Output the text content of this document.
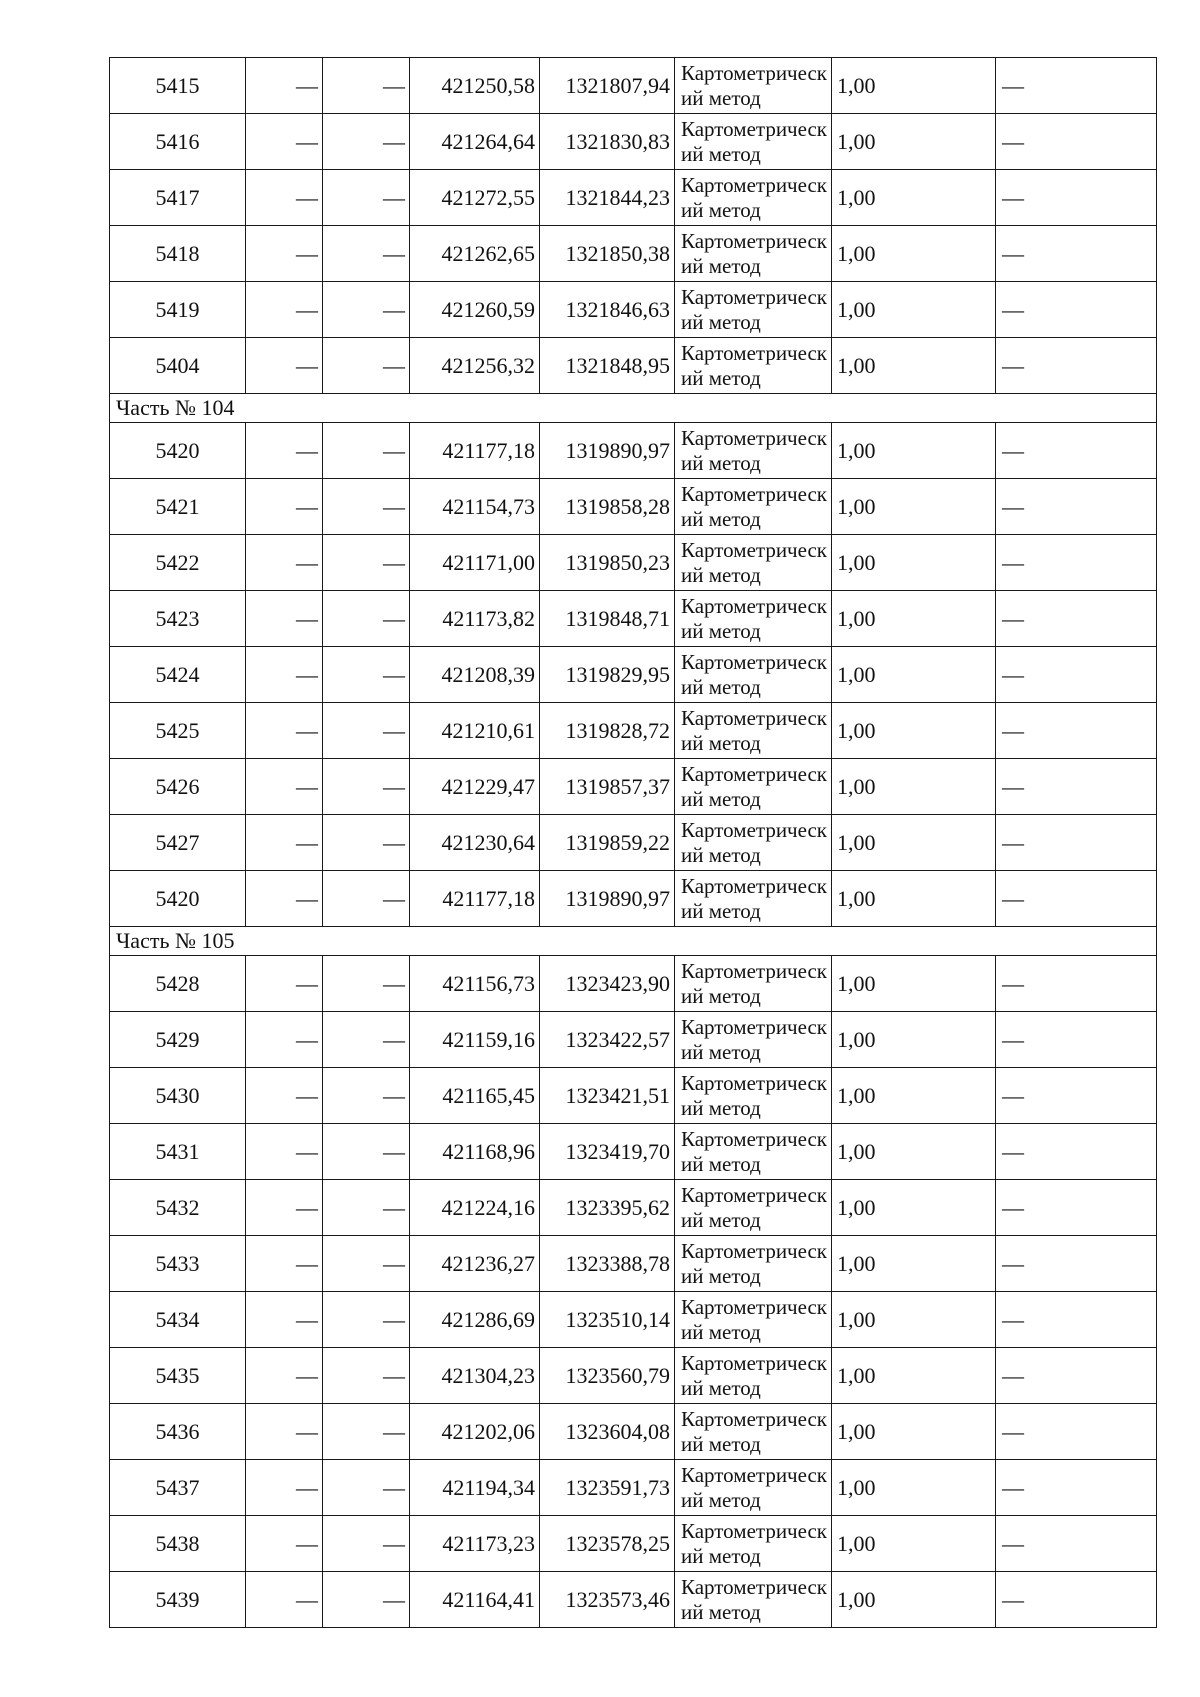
5415	—	—	421250,58	1321807,94	Картометрический метод	1,00	—
5416	—	—	421264,64	1321830,83	Картометрический метод	1,00	—
5417	—	—	421272,55	1321844,23	Картометрический метод	1,00	—
5418	—	—	421262,65	1321850,38	Картометрический метод	1,00	—
5419	—	—	421260,59	1321846,63	Картометрический метод	1,00	—
5404	—	—	421256,32	1321848,95	Картометрический метод	1,00	—
Часть № 104							
5420	—	—	421177,18	1319890,97	Картометрический метод	1,00	—
5421	—	—	421154,73	1319858,28	Картометрический метод	1,00	—
5422	—	—	421171,00	1319850,23	Картометрический метод	1,00	—
5423	—	—	421173,82	1319848,71	Картометрический метод	1,00	—
5424	—	—	421208,39	1319829,95	Картометрический метод	1,00	—
5425	—	—	421210,61	1319828,72	Картометрический метод	1,00	—
5426	—	—	421229,47	1319857,37	Картометрический метод	1,00	—
5427	—	—	421230,64	1319859,22	Картометрический метод	1,00	—
5420	—	—	421177,18	1319890,97	Картометрический метод	1,00	—
Часть № 105							
5428	—	—	421156,73	1323423,90	Картометрический метод	1,00	—
5429	—	—	421159,16	1323422,57	Картометрический метод	1,00	—
5430	—	—	421165,45	1323421,51	Картометрический метод	1,00	—
5431	—	—	421168,96	1323419,70	Картометрический метод	1,00	—
5432	—	—	421224,16	1323395,62	Картометрический метод	1,00	—
5433	—	—	421236,27	1323388,78	Картометрический метод	1,00	—
5434	—	—	421286,69	1323510,14	Картометрический метод	1,00	—
5435	—	—	421304,23	1323560,79	Картометрический метод	1,00	—
5436	—	—	421202,06	1323604,08	Картометрический метод	1,00	—
5437	—	—	421194,34	1323591,73	Картометрический метод	1,00	—
5438	—	—	421173,23	1323578,25	Картометрический метод	1,00	—
5439	—	—	421164,41	1323573,46	Картометрический метод	1,00	—
